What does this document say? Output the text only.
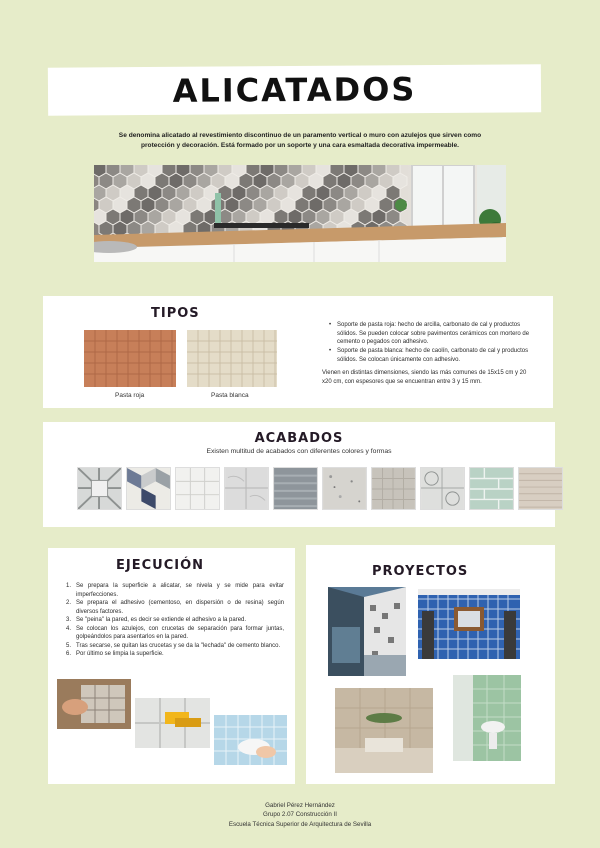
ALICATADOS

Se denomina alicatado al revestimiento discontinuo de un paramento vertical o muro con azulejos que sirven como protección y decoración. Está formado por un soporte y una cara esmaltada decorativa impermeable.

TIPOS
Pasta roja	Pasta blanca
• Soporte de pasta roja: hecho de arcilla, carbonato de cal y productos sólidos. Se pueden colocar sobre pavimentos cerámicos con mortero de cemento o pegados con adhesivo.
• Soporte de pasta blanca: hecho de caolín, carbonato de cal y productos sólidos. Se colocan únicamente con adhesivo.

Vienen en distintas dimensiones, siendo las más comunes de 15x15 cm y 20 x20 cm, con espesores que se encuentran entre 3 y 15 mm.

ACABADOS

Existen multitud de acabados con diferentes colores y formas

EJECUCIÓN
1. Se prepara la superficie a alicatar, se nivela y se mide para evitar imperfecciones.
2. Se prepara el adhesivo (cementoso, en dispersión o de resina) según diversos factores.
3. Se "peina" la pared, es decir se extiende el adhesivo a la pared.
4. Se colocan los azulejos, con crucetas de separación para formar juntas, golpeándolos para asentarlos en la pared.
5. Tras secarse, se quitan las crucetas y se da la "lechada" de cemento blanco.
6. Por último se limpia la superficie.
PROYECTOS
Gabriel Pérez Hernández
Grupo 2.07 Construcción II
Escuela Técnica Superior de Arquitectura de Sevilla
